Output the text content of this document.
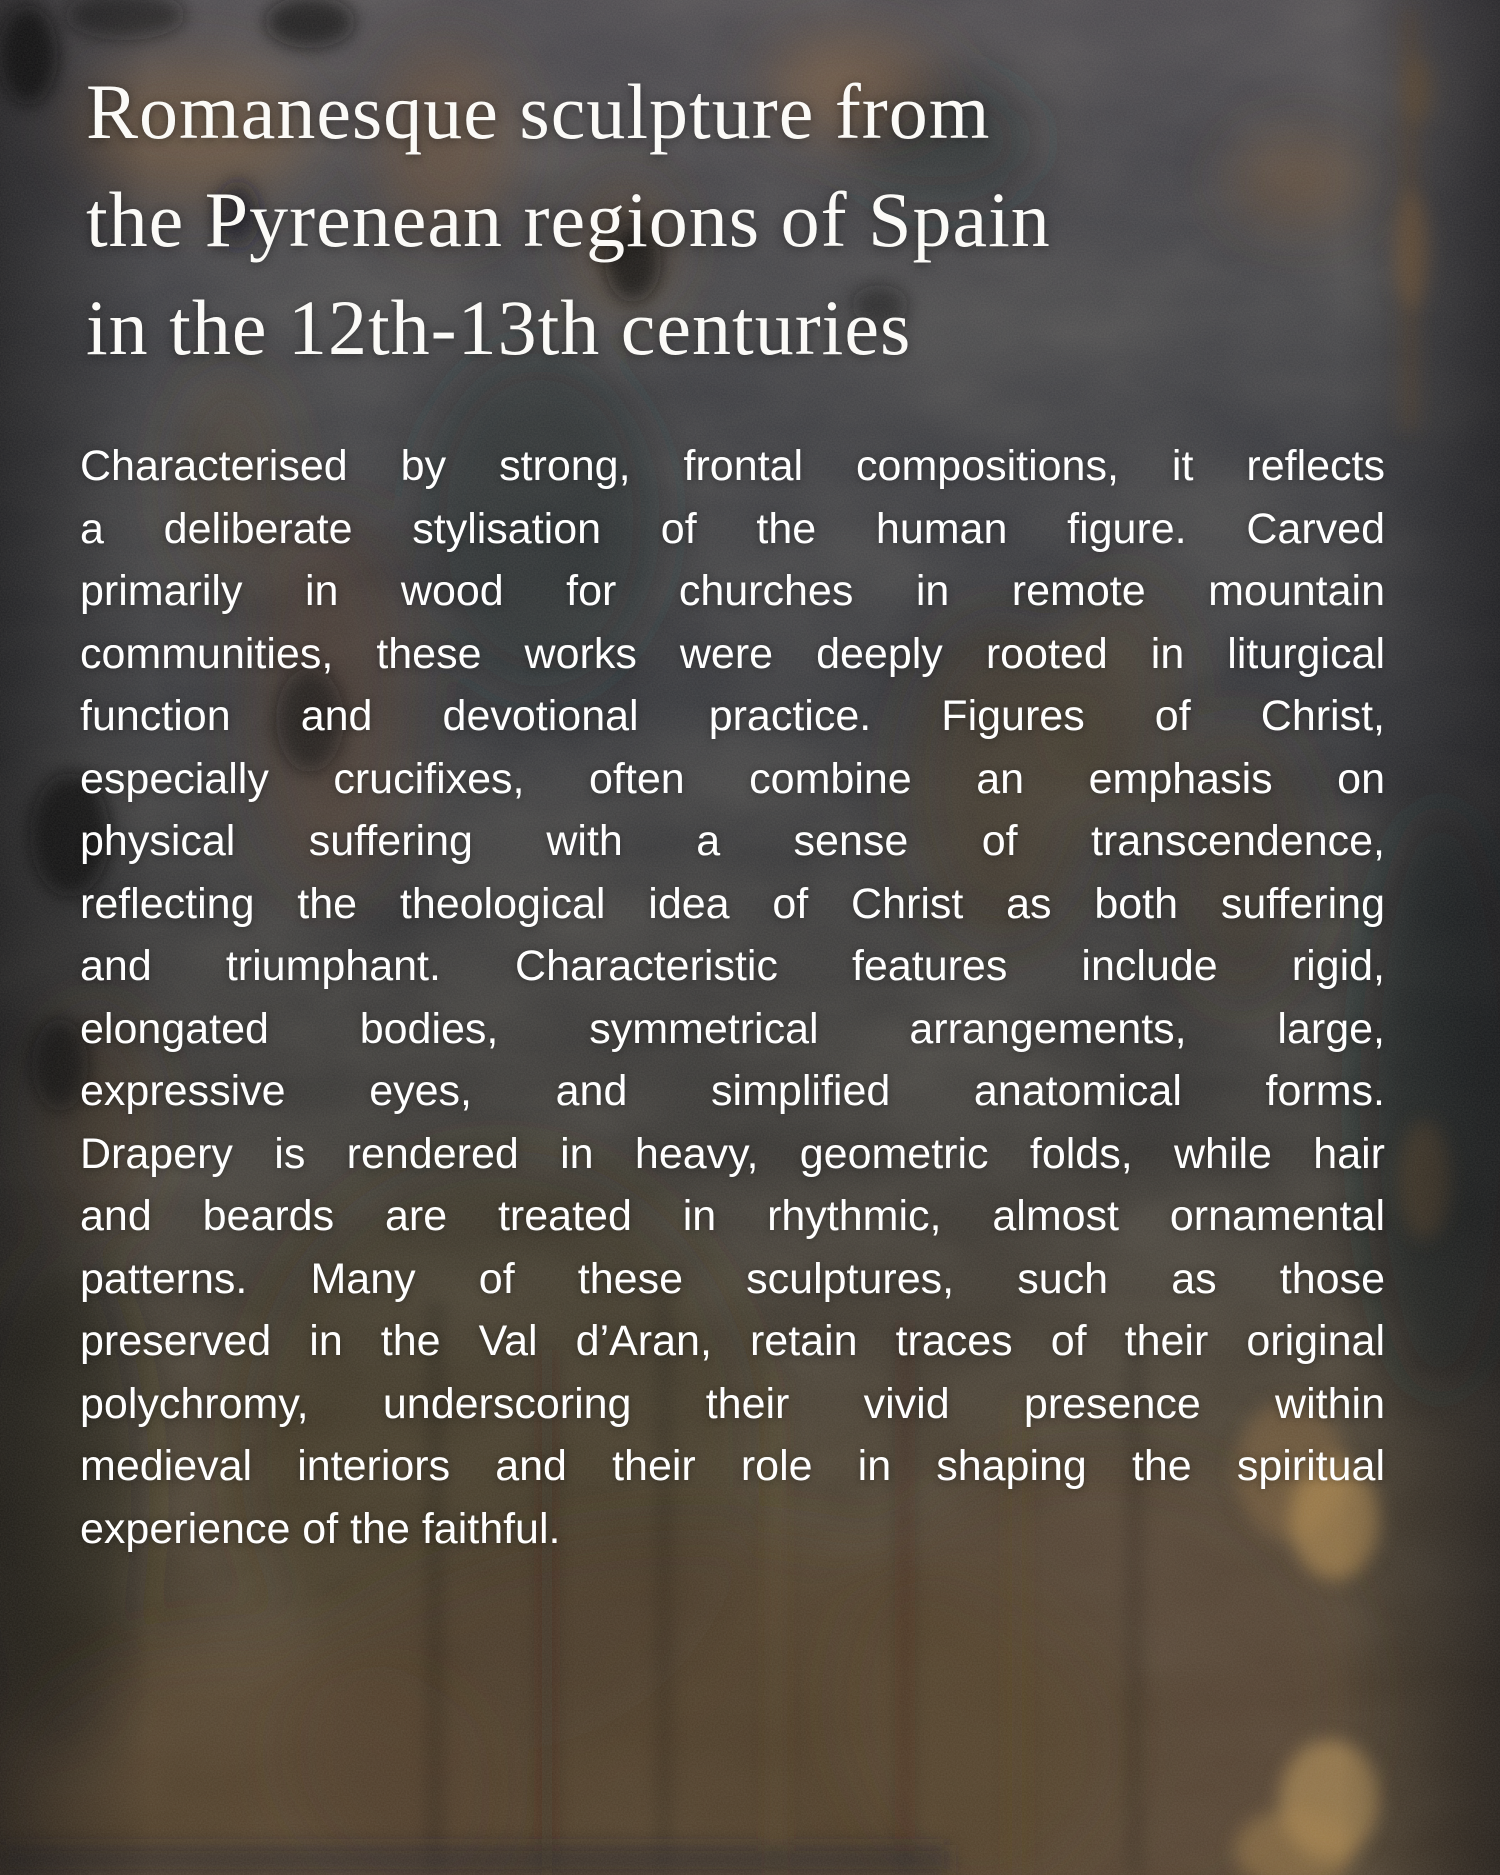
Romanesque sculpture from
the Pyrenean regions of Spain
in the 12th-13th centuries
Characterised by strong, frontal compositions, it reflects
a deliberate stylisation of the human figure. Carved
primarily in wood for churches in remote mountain
communities, these works were deeply rooted in liturgical
function and devotional practice. Figures of Christ,
especially crucifixes, often combine an emphasis on
physical suffering with a sense of transcendence,
reflecting the theological idea of Christ as both suffering
and triumphant. Characteristic features include rigid,
elongated bodies, symmetrical arrangements, large,
expressive eyes, and simplified anatomical forms.
Drapery is rendered in heavy, geometric folds, while hair
and beards are treated in rhythmic, almost ornamental
patterns. Many of these sculptures, such as those
preserved in the Val d’Aran, retain traces of their original
polychromy, underscoring their vivid presence within
medieval interiors and their role in shaping the spiritual
experience of the faithful.
